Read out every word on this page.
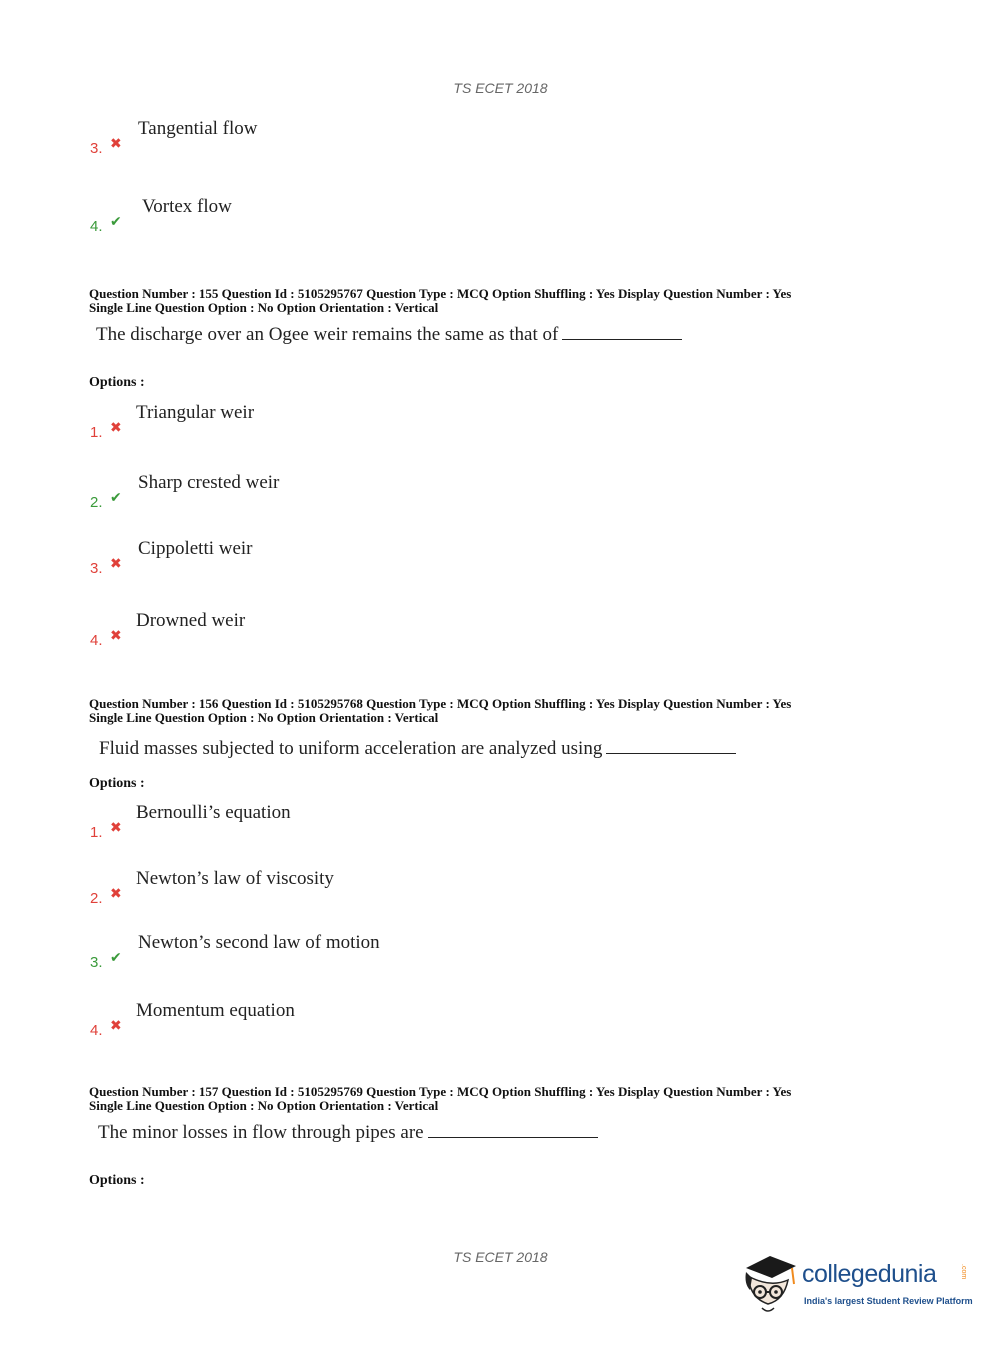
TS ECET 2018
3. ✖
Tangential flow
4. ✔
Vortex flow
Question Number : 155 Question Id : 5105295767 Question Type : MCQ Option Shuffling : Yes Display Question Number : Yes
Single Line Question Option : No Option Orientation : Vertical
The discharge over an Ogee weir remains the same as that of
Options :
1. ✖
Triangular weir
2. ✔
Sharp crested weir
3. ✖
Cippoletti weir
4. ✖
Drowned weir
Question Number : 156 Question Id : 5105295768 Question Type : MCQ Option Shuffling : Yes Display Question Number : Yes
Single Line Question Option : No Option Orientation : Vertical
Fluid masses subjected to uniform acceleration are analyzed using
Options :
1. ✖
Bernoulli’s equation
2. ✖
Newton’s law of viscosity
3. ✔
Newton’s second law of motion
4. ✖
Momentum equation
Question Number : 157 Question Id : 5105295769 Question Type : MCQ Option Shuffling : Yes Display Question Number : Yes
Single Line Question Option : No Option Orientation : Vertical
The minor losses in flow through pipes are
Options :
TS ECET 2018
collegedunia	.com
India's largest Student Review Platform
